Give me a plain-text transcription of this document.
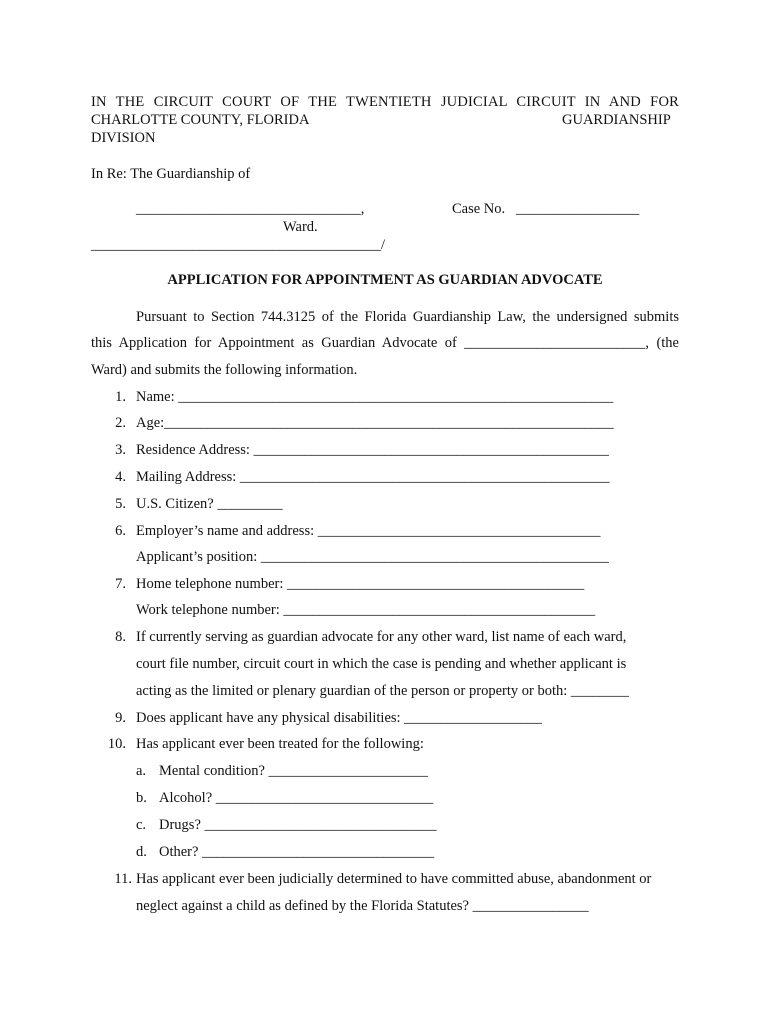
IN THE CIRCUIT COURT OF THE TWENTIETH JUDICIAL CIRCUIT IN AND FOR
CHARLOTTE COUNTY, FLORIDA	GUARDIANSHIP
DIVISION
In Re: The Guardianship of
_______________________________,	Case No. _________________
Ward.
________________________________________/
APPLICATION FOR APPOINTMENT AS GUARDIAN ADVOCATE
Pursuant to Section 744.3125 of the Florida Guardianship Law, the undersigned submits
this Application for Appointment as Guardian Advocate of _________________________, (the
Ward) and submits the following information.
1. Name: ____________________________________________________________
2. Age:______________________________________________________________
3. Residence Address: _________________________________________________
4. Mailing Address: ___________________________________________________
5. U.S. Citizen? _________
6. Employer’s name and address: _______________________________________
Applicant’s position: ________________________________________________
7. Home telephone number: _________________________________________
Work telephone number: ___________________________________________
8. If currently serving as guardian advocate for any other ward, list name of each ward,
court file number, circuit court in which the case is pending and whether applicant is
acting as the limited or plenary guardian of the person or property or both: ________
9. Does applicant have any physical disabilities: ___________________
10. Has applicant ever been treated for the following:
a. Mental condition? ______________________
b. Alcohol? ______________________________
c. Drugs? ________________________________
d. Other? ________________________________
11. Has applicant ever been judicially determined to have committed abuse, abandonment or
neglect against a child as defined by the Florida Statutes? ________________
